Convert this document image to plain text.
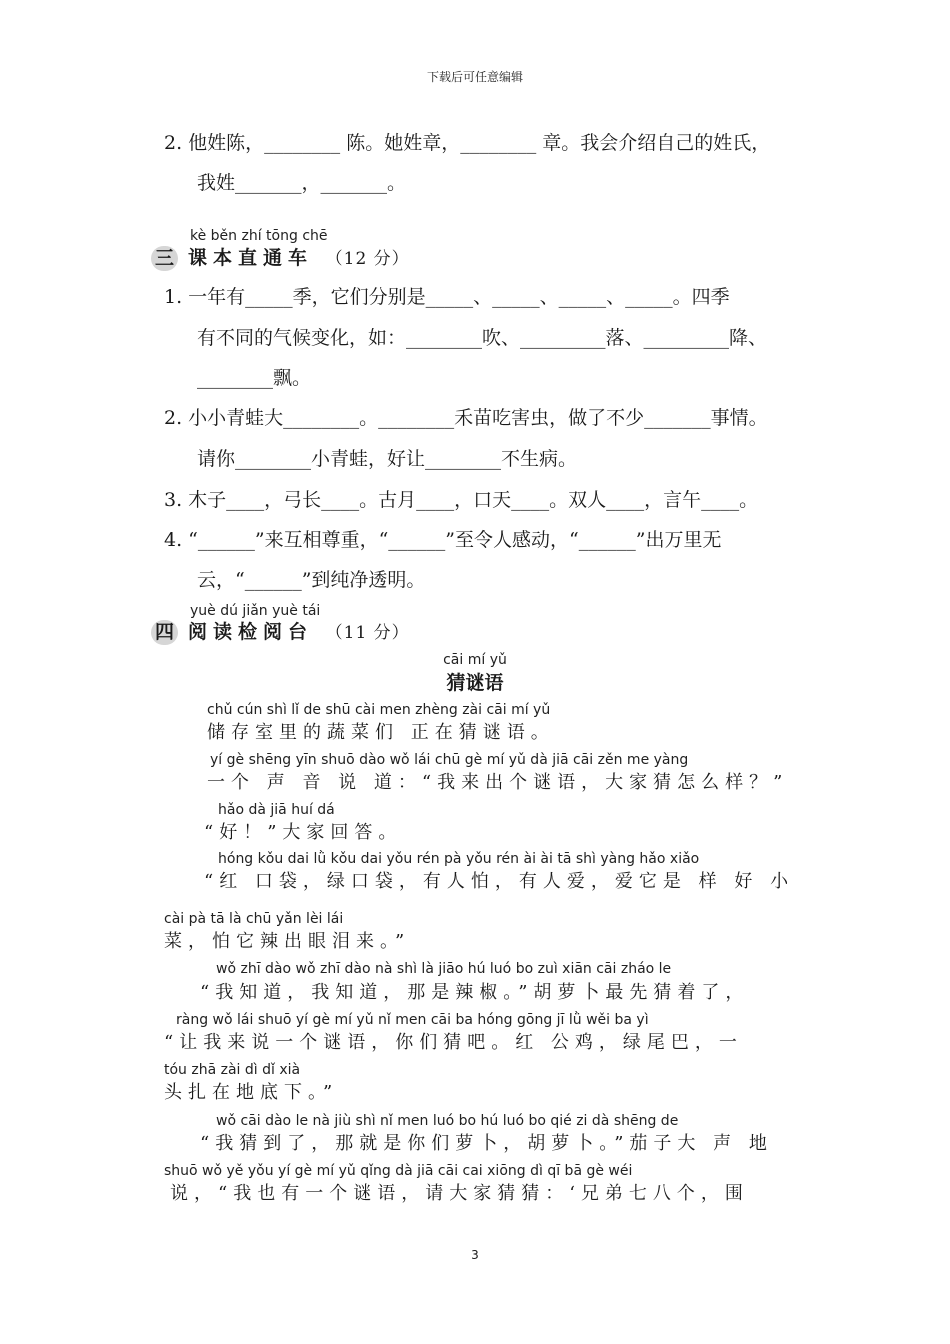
下载后可任意编辑
2. 他姓陈，________ 陈。她姓章，________ 章。我会介绍自己的姓氏，
我姓_______，_______。
kè běn zhí tōng chē
三 课本直通车 （12 分）
1. 一年有_____季，它们分别是_____、_____、_____、_____。四季
有不同的气候变化，如：________吹、_________落、_________降、
________飘。
2. 小小青蛙大________。________禾苗吃害虫，做了不少_______事情。
请你________小青蛙，好让________不生病。
3. 木子____，弓长____。古月____，口天____。双人____，言午____。
4. “______”来互相尊重，“______”至令人感动，“______”出万里无
云，“______”到纯净透明。
yuè dú jiǎn yuè tái
四 阅读检阅台 （11 分）
cāi mí yǔ
猜谜语
chǔ cún shì lǐ de shū cài men zhèng zài cāi mí yǔ
储存室里的蔬菜们 正在猜谜语。
yí gè shēng yīn shuō dào wǒ lái chū gè mí yǔ dà jiā cāi zěn me yàng
一个 声 音 说 道：“我来出个谜语，大家猜怎么样？”
hǎo dà jiā huí dá
“好！”大家回答。
hóng kǒu dai lǜ kǒu dai yǒu rén pà yǒu rén ài ài tā shì yàng hǎo xiǎo
“红 口袋，绿口袋，有人怕，有人爱，爱它是 样 好 小
cài pà tā là chū yǎn lèi lái
菜，怕它辣出眼泪来。”
wǒ zhī dào wǒ zhī dào nà shì là jiāo hú luó bo zuì xiān cāi zháo le
“我知道，我知道，那是辣椒。”胡萝卜最先猜着了，
ràng wǒ lái shuō yí gè mí yǔ nǐ men cāi ba hóng gōng jī lǜ wěi ba yì
“让我来说一个谜语，你们猜吧。红 公鸡，绿尾巴，一
tóu zhā zài dì dǐ xià
头扎在地底下。”
wǒ cāi dào le nà jiù shì nǐ men luó bo hú luó bo qié zi dà shēng de
“我猜到了，那就是你们萝卜，胡萝卜。”茄子大 声 地
shuō wǒ yě yǒu yí gè mí yǔ qǐng dà jiā cāi cai xiōng dì qī bā gè wéi
说，“我也有一个谜语，请大家猜猜：‘兄弟七八个，围
3
